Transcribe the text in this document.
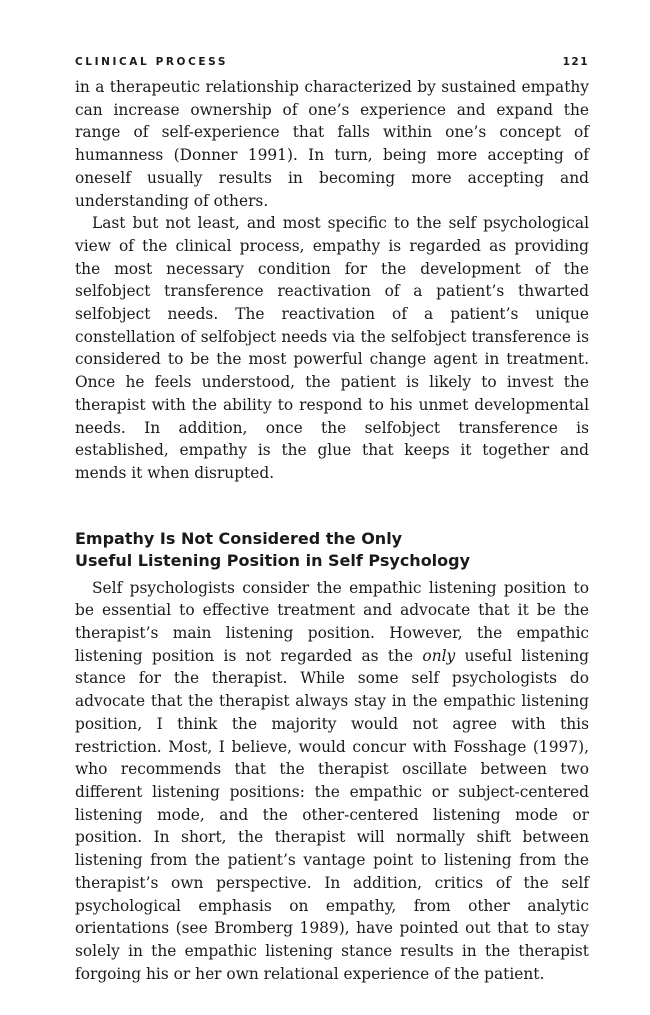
CLINICAL PROCESS	121

in a therapeutic relationship characterized by sustained empathy can increase ownership of one’s experience and expand the range of self-experience that falls within one’s concept of humanness (Donner 1991). In turn, being more accepting of oneself usually results in becoming more accepting and understanding of others.

Last but not least, and most specific to the self psychological view of the clinical process, empathy is regarded as providing the most necessary condition for the development of the selfobject transference reactivation of a patient’s thwarted selfobject needs. The reactivation of a patient’s unique constellation of selfobject needs via the selfobject transference is considered to be the most powerful change agent in treatment. Once he feels understood, the patient is likely to invest the therapist with the ability to respond to his unmet developmental needs. In addition, once the selfobject transference is established, empathy is the glue that keeps it together and mends it when disrupted.

Empathy Is Not Considered the Only
Useful Listening Position in Self Psychology

Self psychologists consider the empathic listening position to be essential to effective treatment and advocate that it be the therapist’s main listening position. However, the empathic listening position is not regarded as the only useful listening stance for the therapist. While some self psychologists do advocate that the therapist always stay in the empathic listening position, I think the majority would not agree with this restriction. Most, I believe, would concur with Fosshage (1997), who recommends that the therapist oscillate between two different listening positions: the empathic or subject-centered listening mode, and the other-centered listening mode or position. In short, the therapist will normally shift between listening from the patient’s vantage point to listening from the therapist’s own perspective. In addition, critics of the self psychological emphasis on empathy, from other analytic orientations (see Bromberg 1989), have pointed out that to stay solely in the empathic listening stance results in the therapist forgoing his or her own relational experience of the patient.
